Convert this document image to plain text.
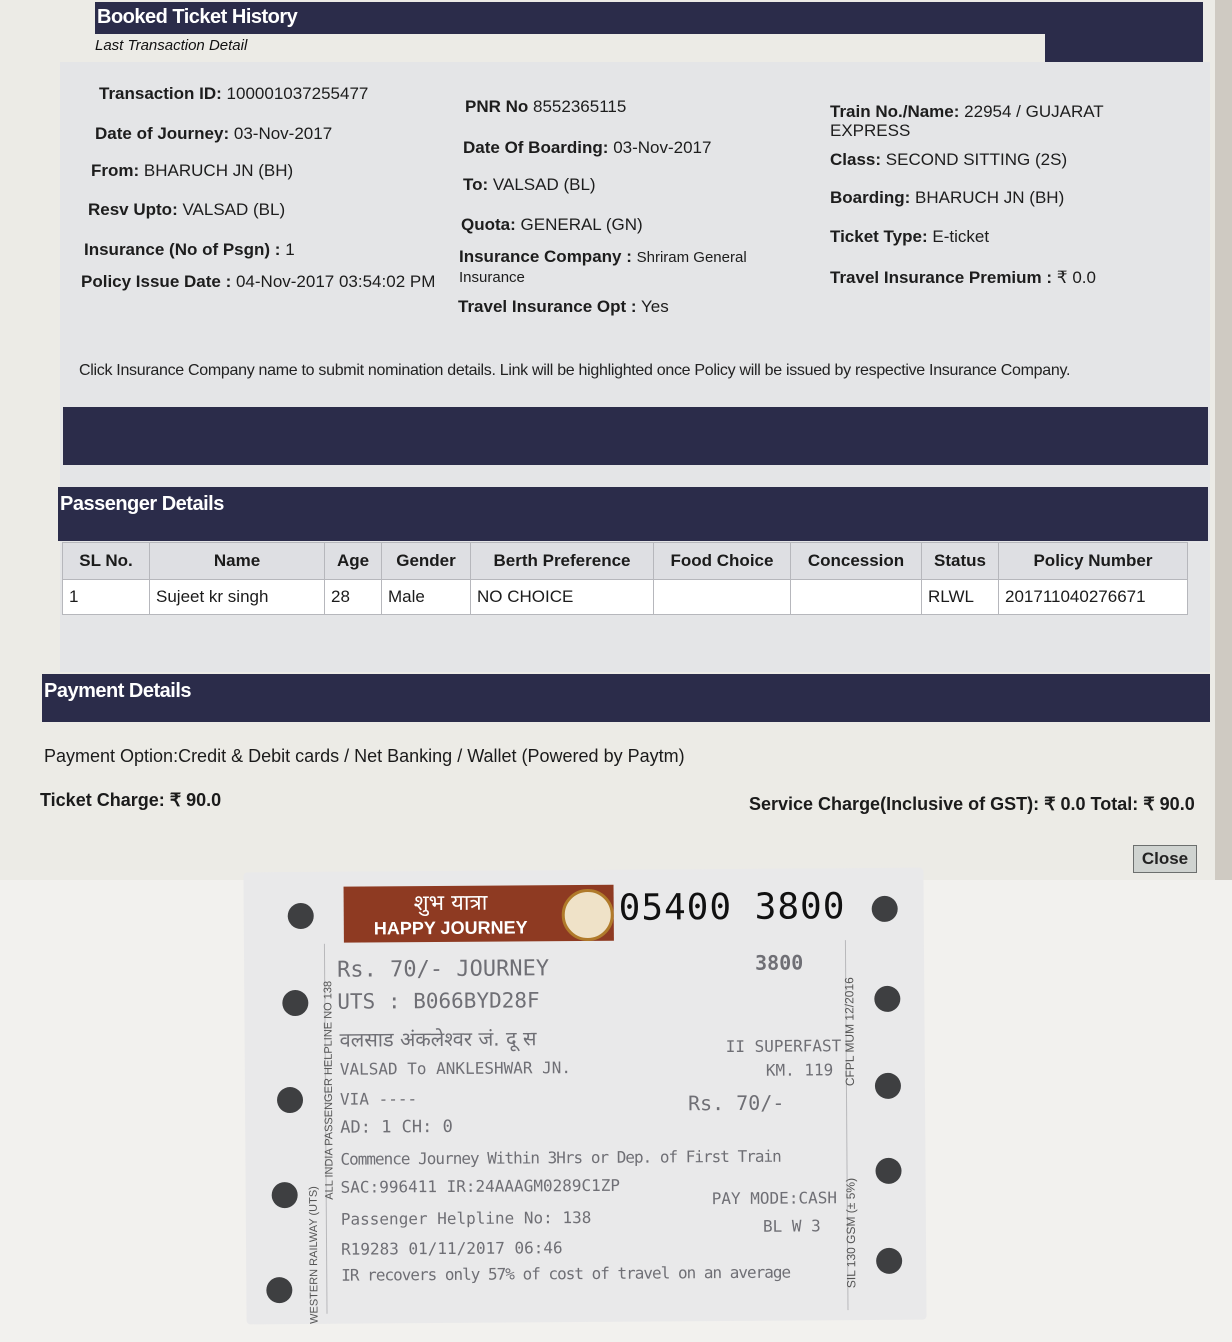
Booked Ticket History
Last Transaction Detail
Transaction ID: 100001037255477
Date of Journey: 03-Nov-2017
From: BHARUCH JN (BH)
Resv Upto: VALSAD (BL)
Insurance (No of Psgn) : 1
Policy Issue Date : 04-Nov-2017 03:54:02 PM
PNR No 8552365115
Date Of Boarding: 03-Nov-2017
To: VALSAD (BL)
Quota: GENERAL (GN)
Insurance Company : Shriram General Insurance
Travel Insurance Opt : Yes
Train No./Name: 22954 / GUJARAT EXPRESS
Class: SECOND SITTING (2S)
Boarding: BHARUCH JN (BH)
Ticket Type: E-ticket
Travel Insurance Premium : ₹ 0.0
Click Insurance Company name to submit nomination details. Link will be highlighted once Policy will be issued by respective Insurance Company.
Passenger Details
SL No.	Name	Age	Gender	Berth Preference	Food Choice	Concession	Status	Policy Number
1	Sujeet kr singh	28	Male	NO CHOICE			RLWL	201711040276671
Payment Details
Payment Option:Credit & Debit cards / Net Banking / Wallet (Powered by Paytm)
Ticket Charge: ₹ 90.0	Service Charge(Inclusive of GST): ₹ 0.0 Total: ₹ 90.0
Close
शुभ यात्रा
HAPPY JOURNEY	05400 3800
Rs. 70/- JOURNEY	3800
UTS : B066BYD28F
वलसाड अंकलेश्वर जं. दू स
VALSAD To ANKLESHWAR JN.
II SUPERFAST
KM. 119
VIA ----	Rs. 70/-
AD: 1 CH: 0
Commence Journey Within 3Hrs or Dep. of First Train
SAC:996411 IR:24AAAGM0289C1ZP
Passenger Helpline No: 138
PAY MODE:CASH
BL W 3
R19283 01/11/2017 06:46
IR recovers only 57% of cost of travel on an average
ALL INDIA PASSENGER HELPLINE NO 138
WESTERN RAILWAY (UTS)
CFPL MUM 12/2016
SIL 130 GSM (± 5%)
